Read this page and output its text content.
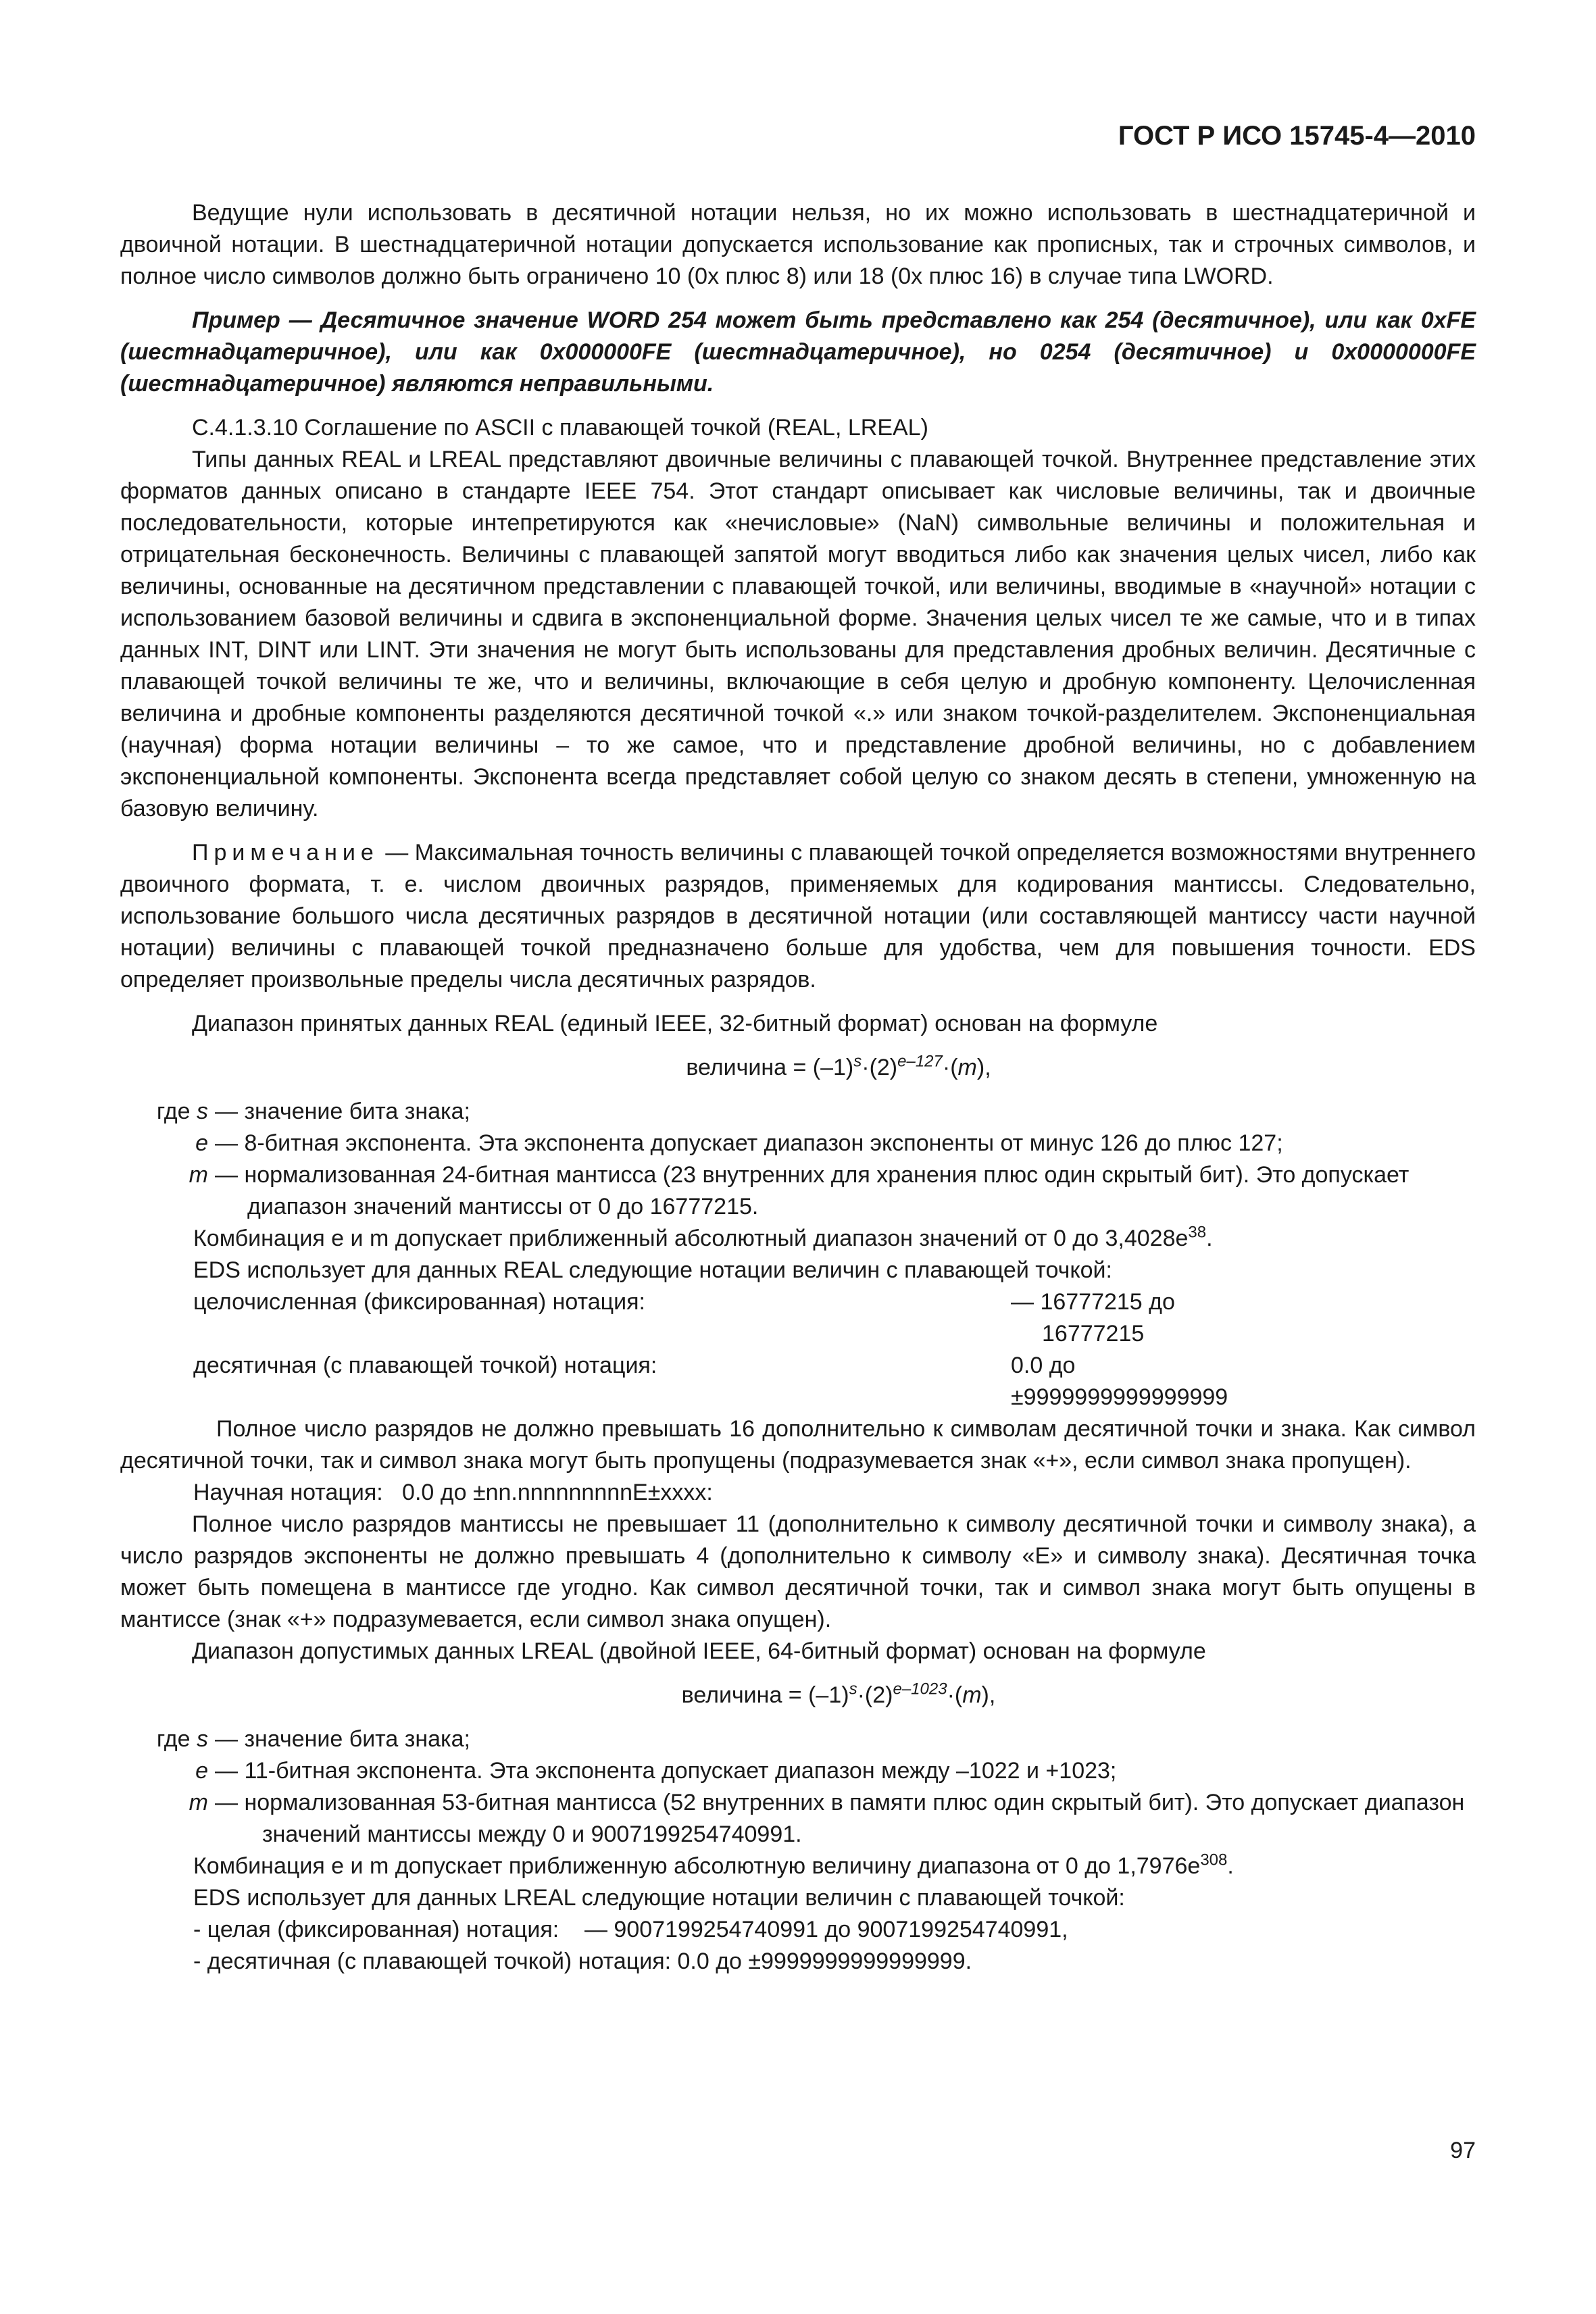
ГОСТ Р ИСО 15745-4—2010

Ведущие нули использовать в десятичной нотации нельзя, но их можно использовать в шестнадцатеричной и двоичной нотации. В шестнадцатеричной нотации допускается использование как прописных, так и строчных символов, и полное число символов должно быть ограничено 10 (0x плюс 8) или 18 (0x плюс 16) в случае типа LWORD.

Пример — Десятичное значение WORD 254 может быть представлено как 254 (десятичное), или как 0xFE (шестнадцатеричное), или как 0x000000FE (шестнадцатеричное), но 0254 (десятичное) и 0x0000000FE (шестнадцатеричное) являются неправильными.

C.4.1.3.10 Соглашение по ASCII с плавающей точкой (REAL, LREAL)

Типы данных REAL и LREAL представляют двоичные величины с плавающей точкой. Внутреннее представление этих форматов данных описано в стандарте IEEE 754. Этот стандарт описывает как числовые величины, так и двоичные последовательности, которые интепретируются как «нечисловые» (NaN) символьные величины и положительная и отрицательная бесконечность. Величины с плавающей запятой могут вводиться либо как значения целых чисел, либо как величины, основанные на десятичном представлении с плавающей точкой, или величины, вводимые в «научной» нотации с использованием базовой величины и сдвига в экспоненциальной форме. Значения целых чисел те же самые, что и в типах данных INT, DINT или LINT. Эти значения не могут быть использованы для представления дробных величин. Десятичные с плавающей точкой величины те же, что и величины, включающие в себя целую и дробную компоненту. Целочисленная величина и дробные компоненты разделяются десятичной точкой «.» или знаком точкой-разделителем. Экспоненциальная (научная) форма нотации величины – то же самое, что и представление дробной величины, но с добавлением экспоненциальной компоненты. Экспонента всегда представляет собой целую со знаком десять в степени, умноженную на базовую величину.

Примечание — Максимальная точность величины с плавающей точкой определяется возможностями внутреннего двоичного формата, т. е. числом двоичных разрядов, применяемых для кодирования мантиссы. Следовательно, использование большого числа десятичных разрядов в десятичной нотации (или составляющей мантиссу части научной нотации) величины с плавающей точкой предназначено больше для удобства, чем для повышения точности. EDS определяет произвольные пределы числа десятичных разрядов.

Диапазон принятых данных REAL (единый IEEE, 32-битный формат) основан на формуле

величина = $(-1)^s\cdot(2)^{e-127}\cdot(m)$,

где s — значение бита знака;
e — 8-битная экспонента. Эта экспонента допускает диапазон экспоненты от минус 126 до плюс 127;
m — нормализованная 24-битная мантисса (23 внутренних для хранения плюс один скрытый бит). Это допускает диапазон значений мантиссы от 0 до 16777215.

Комбинация e и m допускает приближенный абсолютный диапазон значений от 0 до $3,4028e^{38}$.

EDS использует для данных REAL следующие нотации величин с плавающей точкой:

целочисленная (фиксированная) нотация:	— 16777215 до
16777215
десятичная (с плавающей точкой) нотация:	0.0 до
±9999999999999999

Полное число разрядов не должно превышать 16 дополнительно к символам десятичной точки и знака. Как символ десятичной точки, так и символ знака могут быть пропущены (подразумевается знак «+», если символ знака пропущен).

Научная нотация:   0.0 до ±nn.nnnnnnnnnE±xxxx:

Полное число разрядов мантиссы не превышает 11 (дополнительно к символу десятичной точки и символу знака), а число разрядов экспоненты не должно превышать 4 (дополнительно к символу «E» и символу знака). Десятичная точка может быть помещена в мантиссе где угодно. Как символ десятичной точки, так и символ знака могут быть опущены в мантиссе (знак «+» подразумевается, если символ знака опущен).

Диапазон допустимых данных LREAL (двойной IEEE, 64-битный формат) основан на формуле

величина = $(-1)^s\cdot(2)^{e-1023}\cdot(m)$,

где s — значение бита знака;
e — 11-битная экспонента. Эта экспонента допускает диапазон между –1022 и +1023;
m — нормализованная 53-битная мантисса (52 внутренних в памяти плюс один скрытый бит). Это допускает диапазон значений мантиссы между 0 и 9007199254740991.

Комбинация e и m допускает приближенную абсолютную величину диапазона от 0 до $1,7976e^{308}$.

EDS использует для данных LREAL следующие нотации величин с плавающей точкой:

- целая (фиксированная) нотация:    — 9007199254740991 до 9007199254740991,

- десятичная (с плавающей точкой) нотация: 0.0 до ±9999999999999999.

97
